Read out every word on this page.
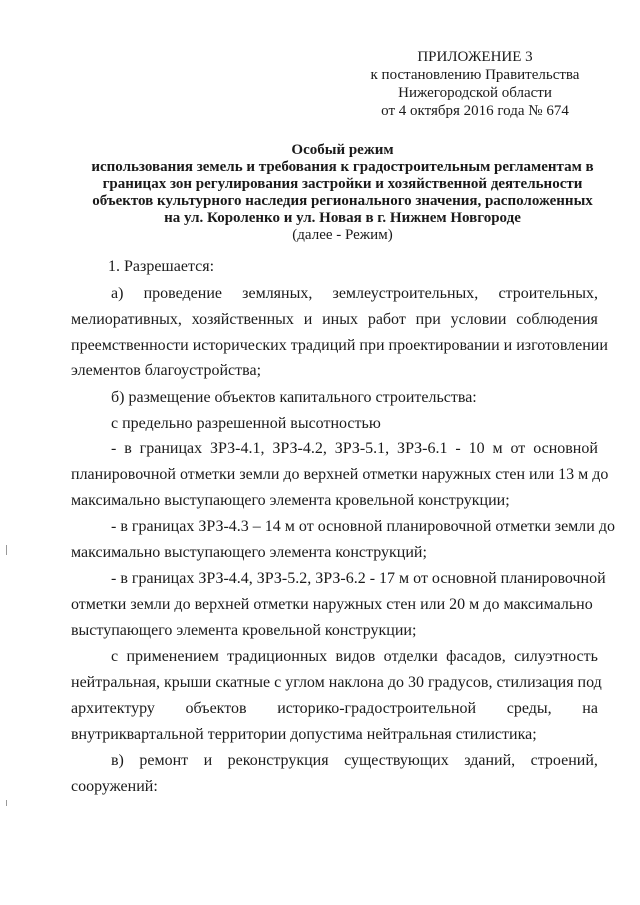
ПРИЛОЖЕНИЕ 3
к постановлению Правительства
Нижегородской области
от 4 октября 2016 года № 674
Особый режим
использования земель и требования к градостроительным регламентам в
границах зон регулирования застройки и хозяйственной деятельности
объектов культурного наследия регионального значения, расположенных
на ул. Короленко и ул. Новая в г. Нижнем Новгороде
(далее - Режим)
1. Разрешается:
а) проведение земляных, землеустроительных, строительных,
мелиоративных, хозяйственных и иных работ при условии соблюдения
преемственности исторических традиций при проектировании и изготовлении
элементов благоустройства;
б) размещение объектов капитального строительства:
с предельно разрешенной высотностью
- в границах ЗРЗ-4.1, ЗРЗ-4.2, ЗРЗ-5.1, ЗРЗ-6.1 - 10 м от основной
планировочной отметки земли до верхней отметки наружных стен или 13 м до
максимально выступающего элемента кровельной конструкции;
- в границах ЗРЗ-4.3 – 14 м от основной планировочной отметки земли до
максимально выступающего элемента конструкций;
- в границах ЗРЗ-4.4, ЗРЗ-5.2, ЗРЗ-6.2 - 17 м от основной планировочной
отметки земли до верхней отметки наружных стен или 20 м до максимально
выступающего элемента кровельной конструкции;
с применением традиционных видов отделки фасадов, силуэтность
нейтральная, крыши скатные с углом наклона до 30 градусов, стилизация под
архитектуру объектов историко-градостроительной среды, на
внутриквартальной территории допустима нейтральная стилистика;
в) ремонт и реконструкция существующих зданий, строений,
сооружений:
